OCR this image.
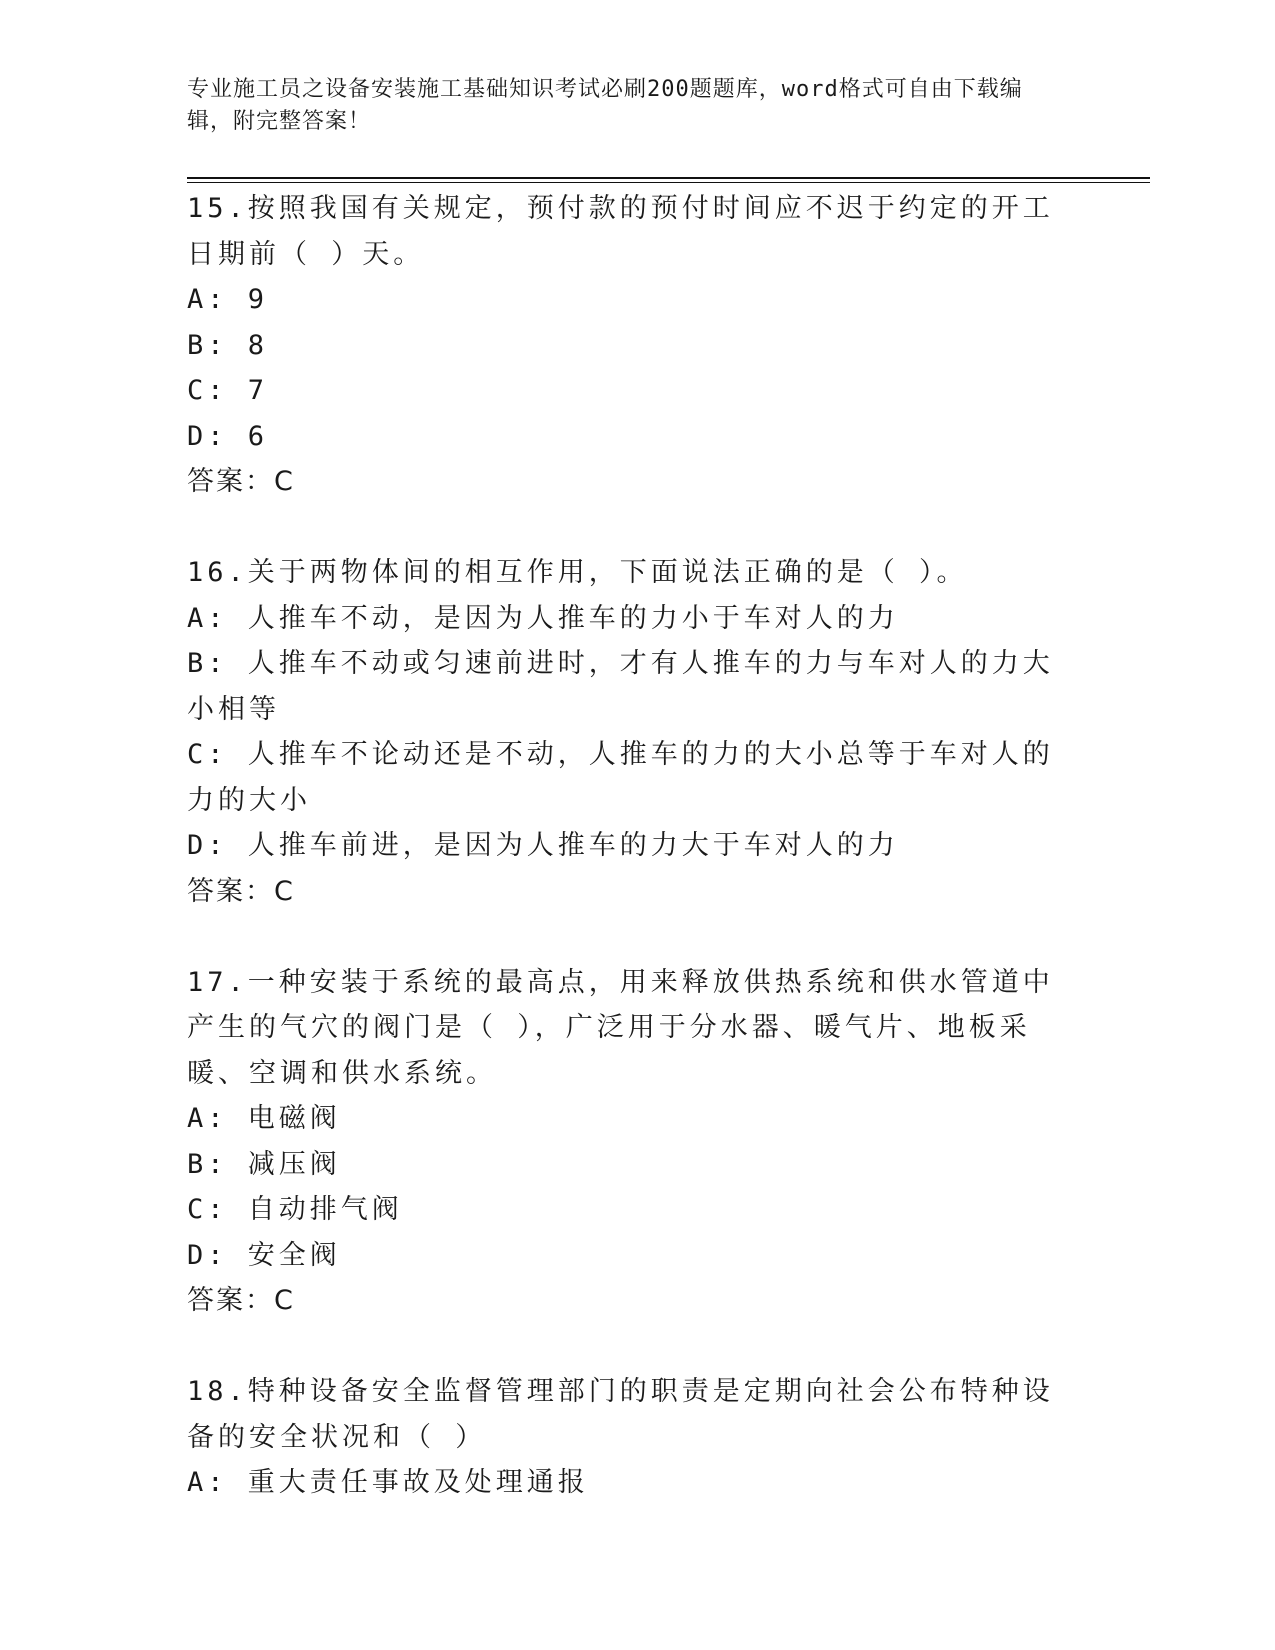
专业施工员之设备安装施工基础知识考试必刷200题题库，word格式可自由下载编辑，附完整答案！
15.按照我国有关规定，预付款的预付时间应不迟于约定的开工日期前（ ）天。
A: 9
B: 8
C: 7
D: 6
答案：C
16.关于两物体间的相互作用，下面说法正确的是（ ）。
A: 人推车不动，是因为人推车的力小于车对人的力
B: 人推车不动或匀速前进时，才有人推车的力与车对人的力大小相等
C: 人推车不论动还是不动，人推车的力的大小总等于车对人的力的大小
D: 人推车前进，是因为人推车的力大于车对人的力
答案：C
17.一种安装于系统的最高点，用来释放供热系统和供水管道中产生的气穴的阀门是（ ），广泛用于分水器、暖气片、地板采暖、空调和供水系统。
A: 电磁阀
B: 减压阀
C: 自动排气阀
D: 安全阀
答案：C
18.特种设备安全监督管理部门的职责是定期向社会公布特种设备的安全状况和（ ）
A: 重大责任事故及处理通报
